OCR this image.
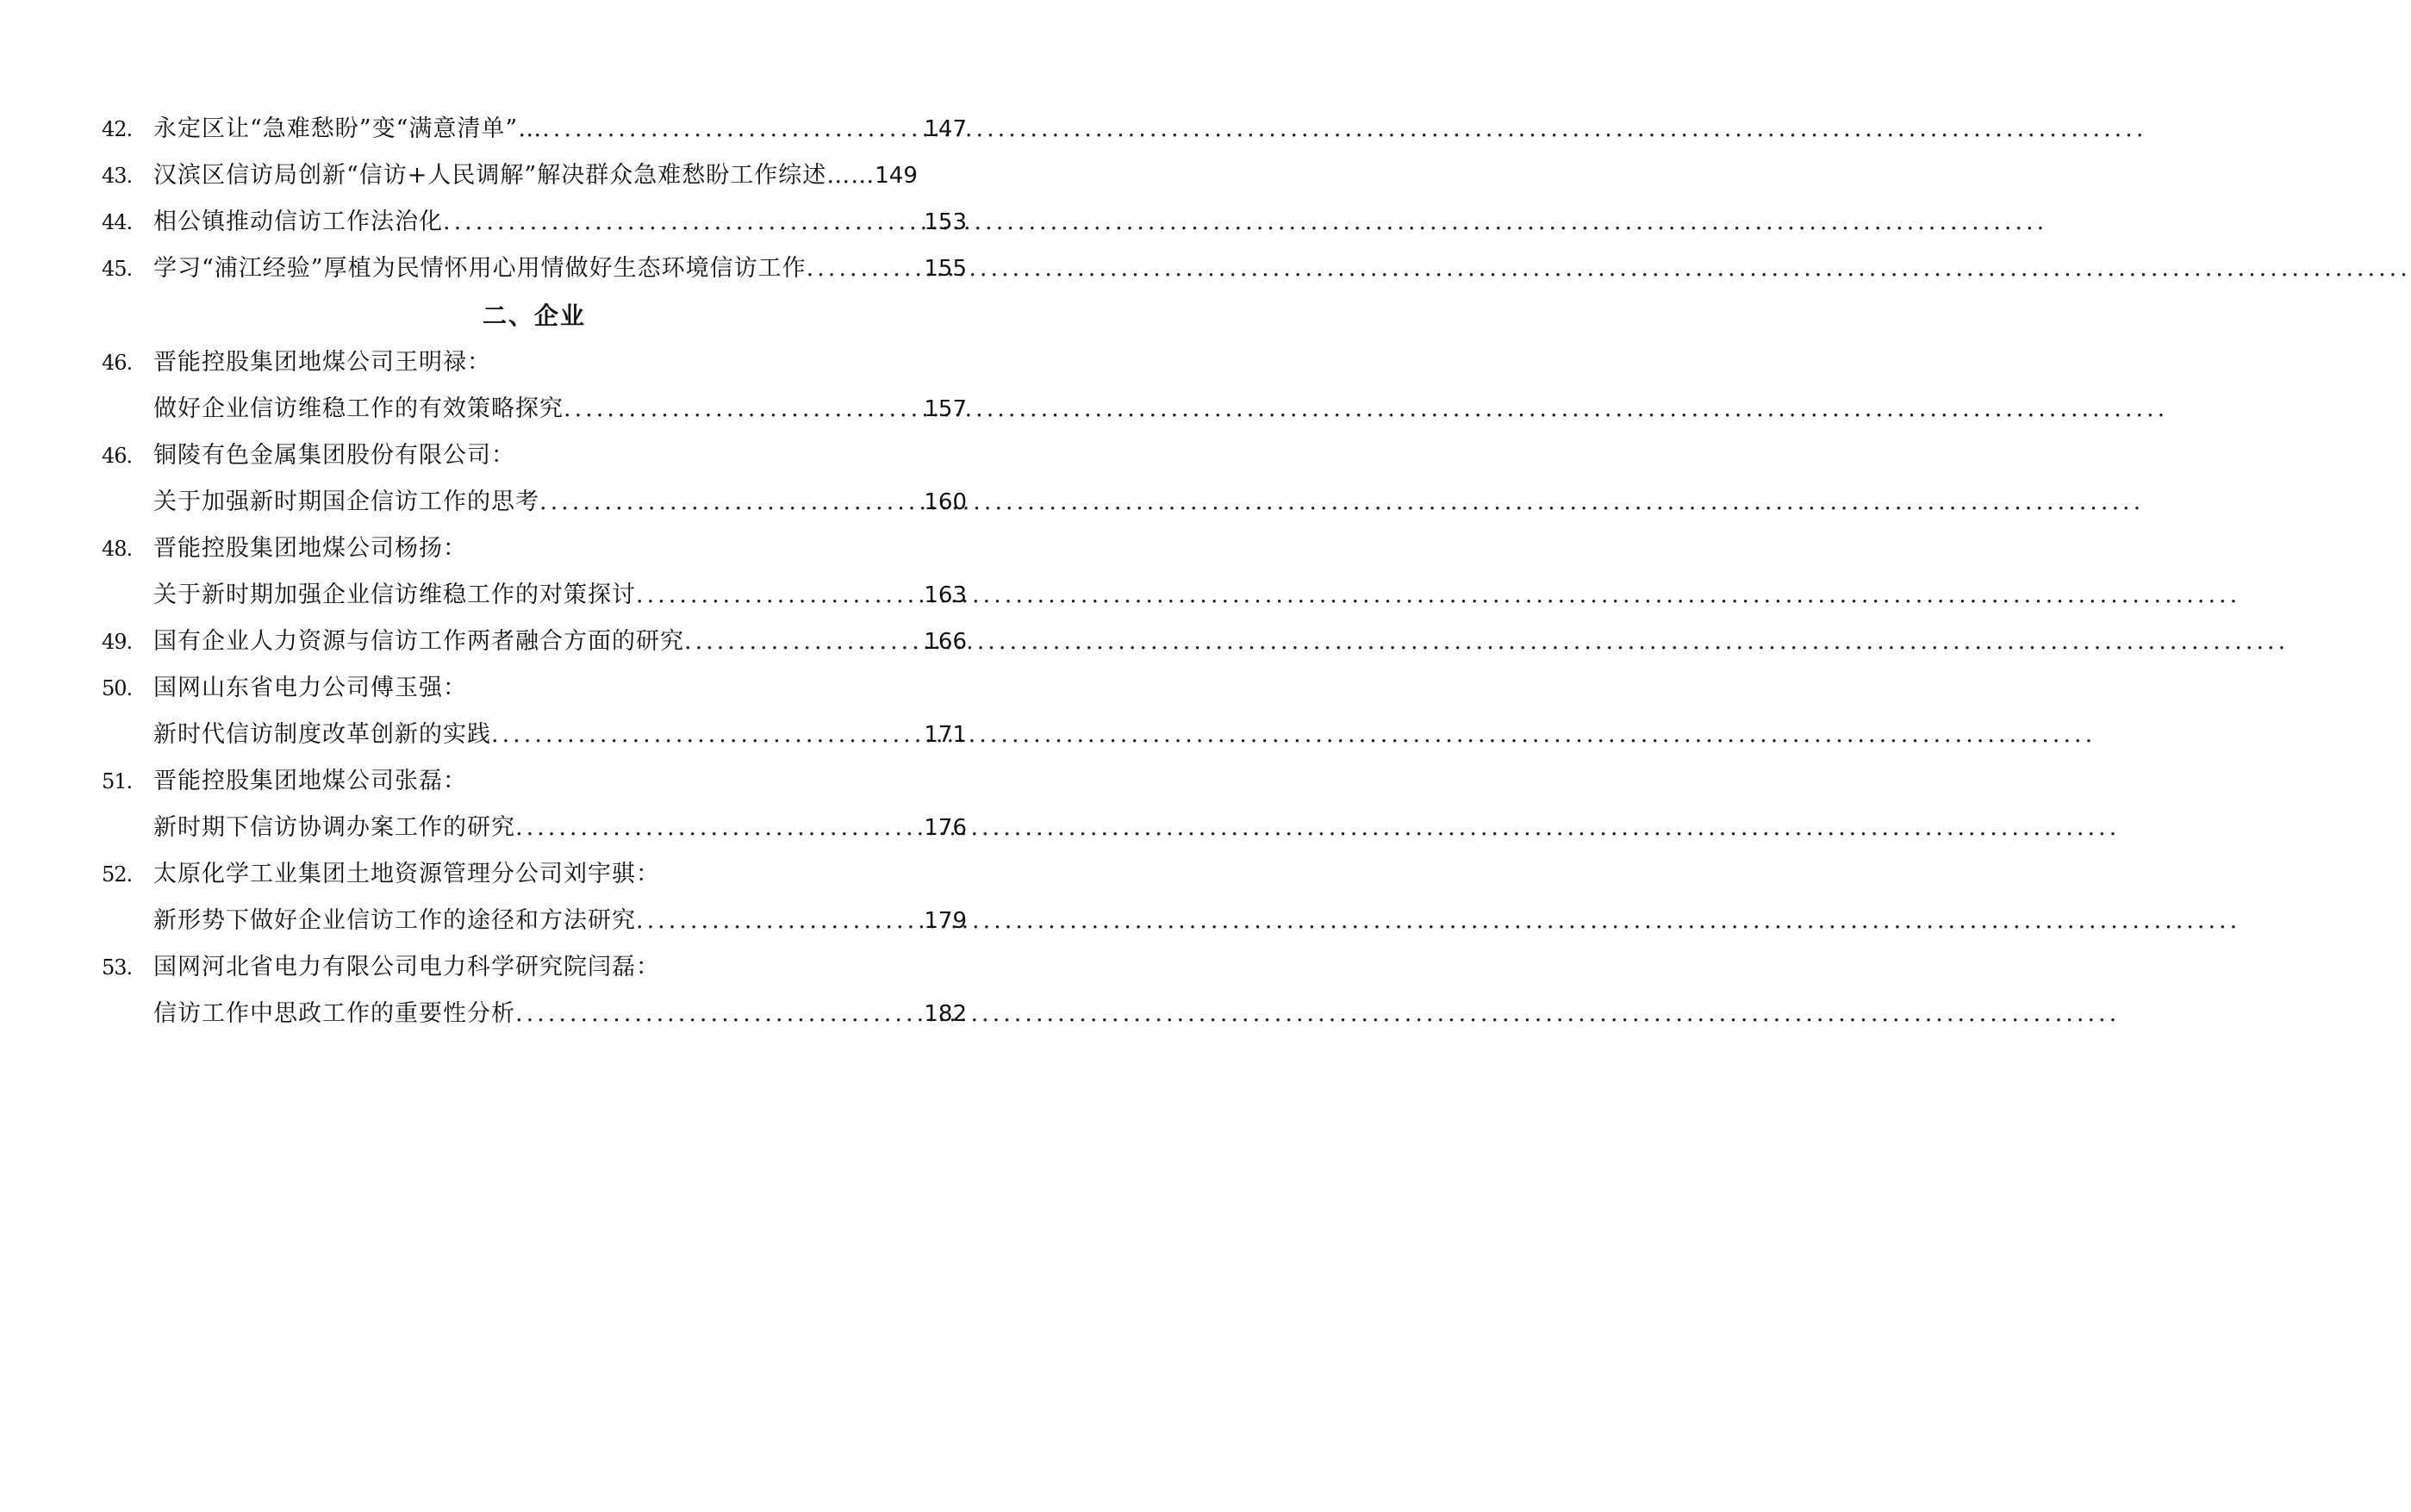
42. 永定区让“急难愁盼”变“满意清单”… .....	147
43. 汉滨区信访局创新“信访+人民调解”解决群众急难愁盼工作综述…… 149
44. 相公镇推动信访工作法治化 .....	153
45. 学习“浦江经验”厚植为民情怀用心用情做好生态环境信访工作 .....	155
二、企业
46. 晋能控股集团地煤公司王明禄：
做好企业信访维稳工作的有效策略探究 .....	157
46． 铜陵有色金属集团股份有限公司：
关于加强新时期国企信访工作的思考 .....	160
48. 晋能控股集团地煤公司杨扬：
关于新时期加强企业信访维稳工作的对策探讨 .....	163
49. 国有企业人力资源与信访工作两者融合方面的研究 .....	166
50. 国网山东省电力公司傅玉强：
新时代信访制度改革创新的实践 .....	171
51. 晋能控股集团地煤公司张磊：
新时期下信访协调办案工作的研究 .....	176
52. 太原化学工业集团土地资源管理分公司刘宇骐：
新形势下做好企业信访工作的途径和方法研究 .....	179
53. 国网河北省电力有限公司电力科学研究院闫磊：
信访工作中思政工作的重要性分析 .....	182
